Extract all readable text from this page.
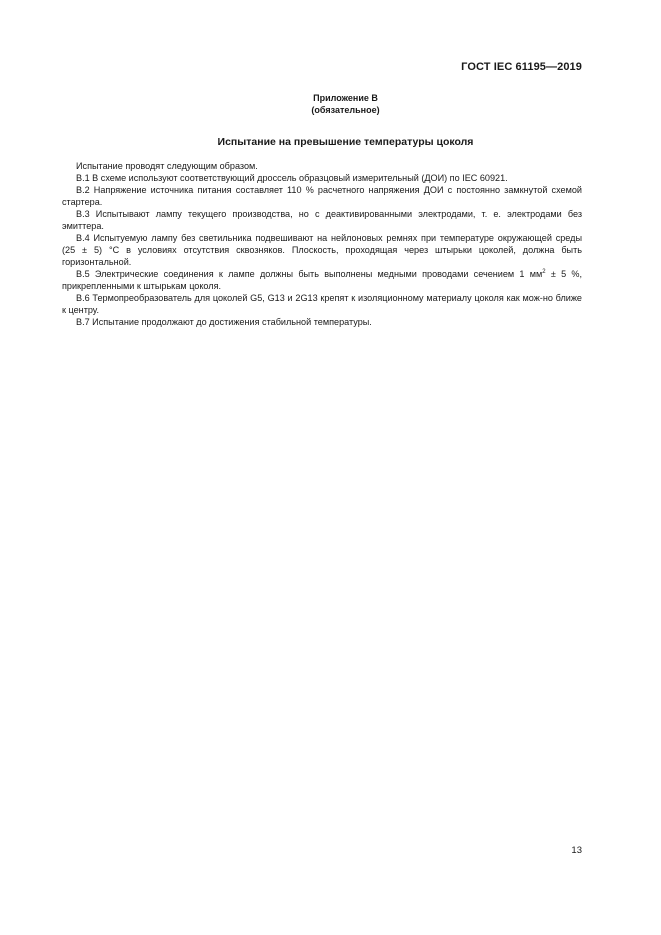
ГОСТ IEC 61195—2019
Приложение В
(обязательное)
Испытание на превышение температуры цоколя

Испытание проводят следующим образом.

В.1 В схеме используют соответствующий дроссель образцовый измерительный (ДОИ) по IEC 60921.

В.2 Напряжение источника питания составляет 110 % расчетного напряжения ДОИ с постоянно замкнутой схемой стартера.

В.3 Испытывают лампу текущего производства, но с деактивированными электродами, т. е. электродами без эмиттера.

В.4 Испытуемую лампу без светильника подвешивают на нейлоновых ремнях при температуре окружающей среды (25 ± 5) °С в условиях отсутствия сквозняков. Плоскость, проходящая через штырьки цоколей, должна быть горизонтальной.

В.5 Электрические соединения к лампе должны быть выполнены медными проводами сечением 1 $мм^2 \pm 5$ %, прикрепленными к штырькам цоколя.

В.6 Термопреобразователь для цоколей G5, G13 и 2G13 крепят к изоляционному материалу цоколя как мож-но ближе к центру.

В.7 Испытание продолжают до достижения стабильной температуры.

13
